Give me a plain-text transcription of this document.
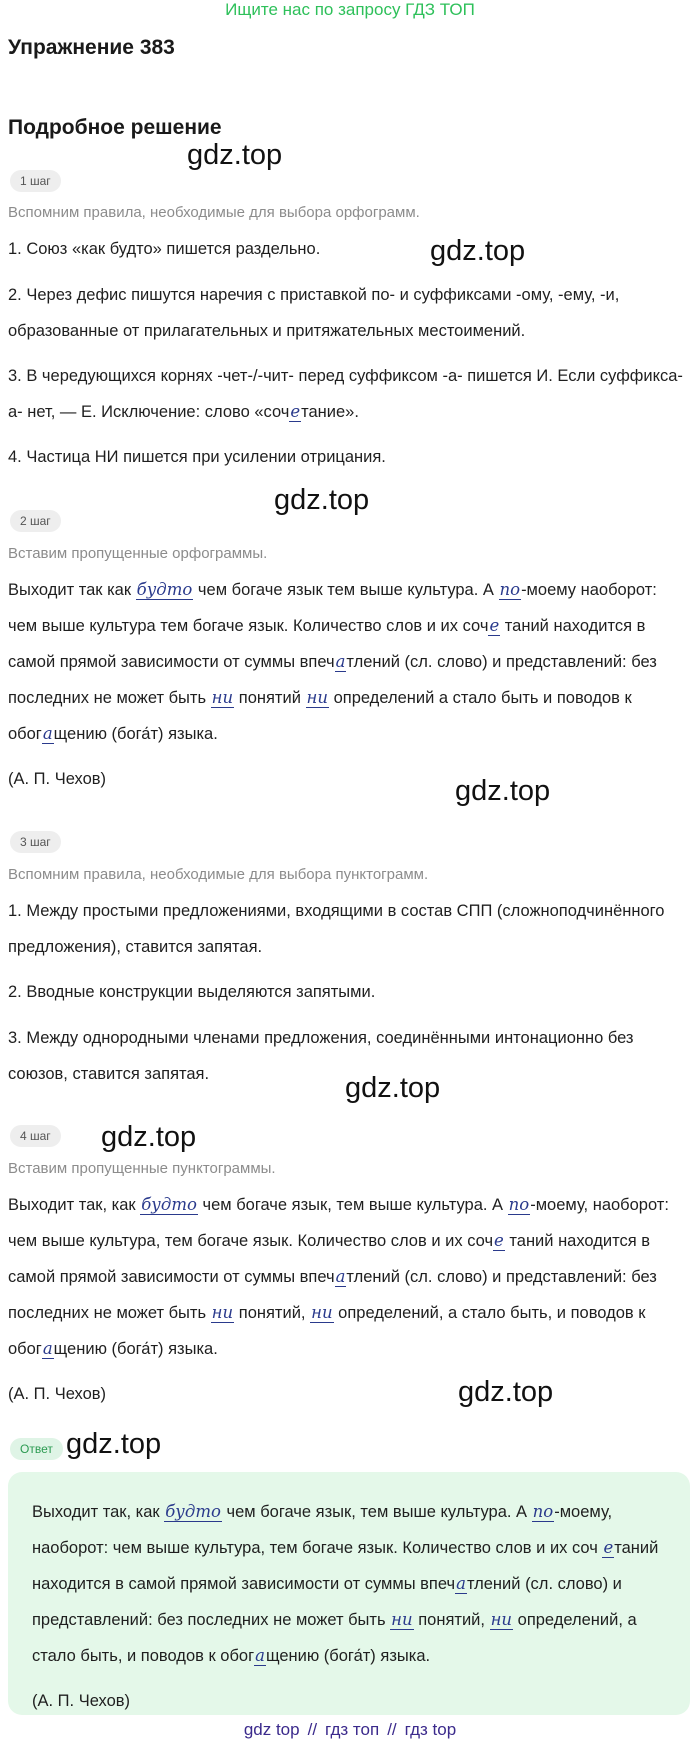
Ищите нас по запросу ГДЗ ТОП
Упражнение 383
Подробное решение
1 шаг
Вспомним правила, необходимые для выбора орфограмм.
1. Союз «как будто» пишется раздельно.
2. Через дефис пишутся наречия с приставкой по- и суффиксами -ому, -ему, -и, образованные от прилагательных и притяжательных местоимений.
3. В чередующихся корнях -чет-/-чит- перед суффиксом -а- пишется И. Если суффикса-а- нет, — Е. Исключение: слово «сочетание».
4. Частица НИ пишется при усилении отрицания.
2 шаг
Вставим пропущенные орфограммы.
Выходит так как будто чем богаче язык тем выше культура. А по-моему наоборот: чем выше культура тем богаче язык. Количество слов и их соче таний находится в самой прямой зависимости от суммы впечатлений (сл. слово) и представлений: без последних не может быть ни понятий ни определений а стало быть и поводов к обогащению (бога́т) языка.
(А. П. Чехов)
3 шаг
Вспомним правила, необходимые для выбора пунктограмм.
1. Между простыми предложениями, входящими в состав СПП (сложноподчинённого предложения), ставится запятая.
2. Вводные конструкции выделяются запятыми.
3. Между однородными членами предложения, соединёнными интонационно без союзов, ставится запятая.
4 шаг
Вставим пропущенные пунктограммы.
Выходит так, как будто чем богаче язык, тем выше культура. А по-моему, наоборот: чем выше культура, тем богаче язык. Количество слов и их соче таний находится в самой прямой зависимости от суммы впечатлений (сл. слово) и представлений: без последних не может быть ни понятий, ни определений, а стало быть, и поводов к обогащению (бога́т) языка.
(А. П. Чехов)
Ответ
Выходит так, как будто чем богаче язык, тем выше культура. А по-моему, наоборот: чем выше культура, тем богаче язык. Количество слов и их соч етаний находится в самой прямой зависимости от суммы впечатлений (сл. слово) и представлений: без последних не может быть ни понятий, ни определений, а стало быть, и поводов к обогащению (бога́т) языка.
(А. П. Чехов)
gdz.top
gdz.top
gdz.top
gdz.top
gdz.top
gdz.top
gdz.top
gdz.top
gdz top // гдз топ // гдз top
